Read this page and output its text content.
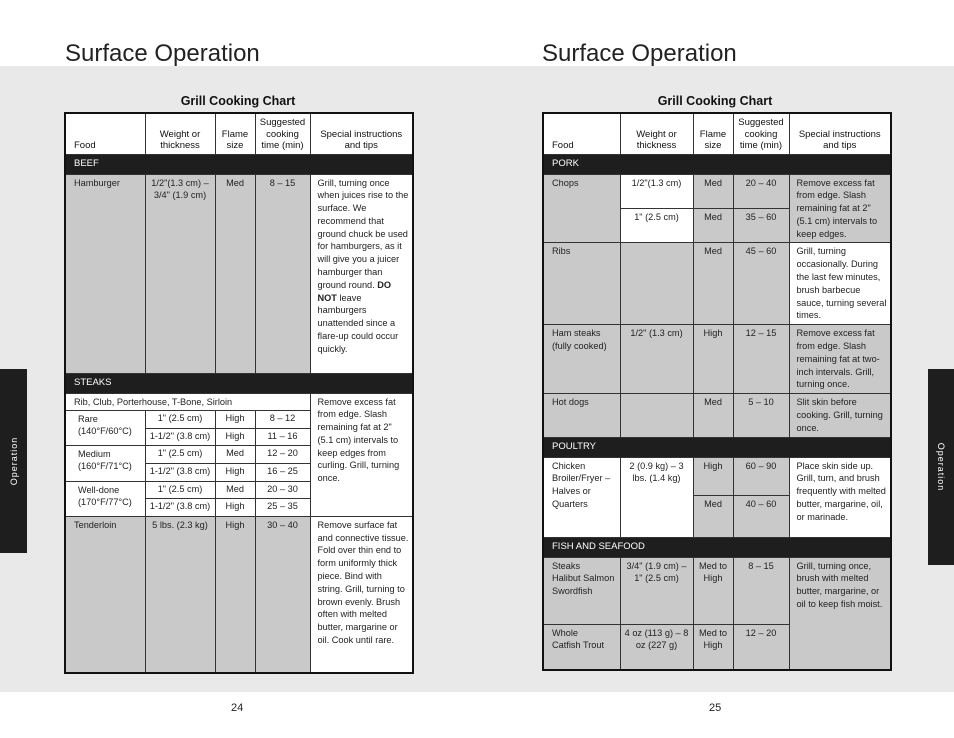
Surface Operation
Grill Cooking Chart
Operation
Food	Weight or thickness	Flame size	Suggested cooking time (min)	Special instructions and tips
BEEF				
Hamburger	1/2"(1.3 cm) – 3/4" (1.9 cm)	Med	8 – 15	Grill, turning once when juices rise to the surface. We recommend that ground chuck be used for hamburgers, as it will give you a juicer hamburger than ground round. DO NOT leave hamburgers unattended since a flare-up could occur quickly.
STEAKS				
Rib, Club, Porterhouse, T-Bone, Sirloin				Remove excess fat from edge. Slash remaining fat at 2" (5.1 cm) intervals to keep edges from curling. Grill, turning once.
Rare (140°F/60°C)	1" (2.5 cm)	High	8 – 12	
	1-1/2" (3.8 cm)	High	11 – 16	
Medium (160°F/71°C)	1" (2.5 cm)	Med	12 – 20	
	1-1/2" (3.8 cm)	High	16 – 25	
Well-done (170°F/77°C)	1" (2.5 cm)	Med	20 – 30	
	1-1/2" (3.8 cm)	High	25 – 35	
Tenderloin	5 lbs. (2.3 kg)	High	30 – 40	Remove surface fat and connective tissue. Fold over thin end to form uniformly thick piece. Bind with string. Grill, turning to brown evenly. Brush often with melted butter, margarine or oil. Cook until rare.
24
Surface Operation
Grill Cooking Chart
Operation
Food	Weight or thickness	Flame size	Suggested cooking time (min)	Special instructions and tips
PORK				
Chops	1/2"(1.3 cm)	Med	20 – 40	Remove excess fat from edge. Slash remaining fat at 2" (5.1 cm) intervals to keep edges.
	1" (2.5 cm)	Med	35 – 60	
Ribs		Med	45 – 60	Grill, turning occasionally. During the last few minutes, brush barbecue sauce, turning several times.
Ham steaks (fully cooked)	1/2" (1.3 cm)	High	12 – 15	Remove excess fat from edge. Slash remaining fat at two-inch intervals. Grill, turning once.
Hot dogs		Med	5 – 10	Slit skin before cooking. Grill, turning once.
POULTRY				

Chicken
Broiler/Fryer – Halves or Quarters	2 (0.9 kg) – 3 lbs. (1.4 kg)	High	60 – 90	Place skin side up. Grill, turn, and brush frequently with melted butter, margarine, oil, or marinade.
		Med	40 – 60	
FISH AND SEAFOOD				

Steaks
Halibut Salmon Swordfish	3/4" (1.9 cm) – 1" (2.5 cm)	Med to High	8 – 15	Grill, turning once, brush with melted butter, margarine, or oil to keep fish moist.

Whole
Catfish Trout	4 oz (113 g) – 8 oz (227 g)	Med to High	12 – 20	
25
